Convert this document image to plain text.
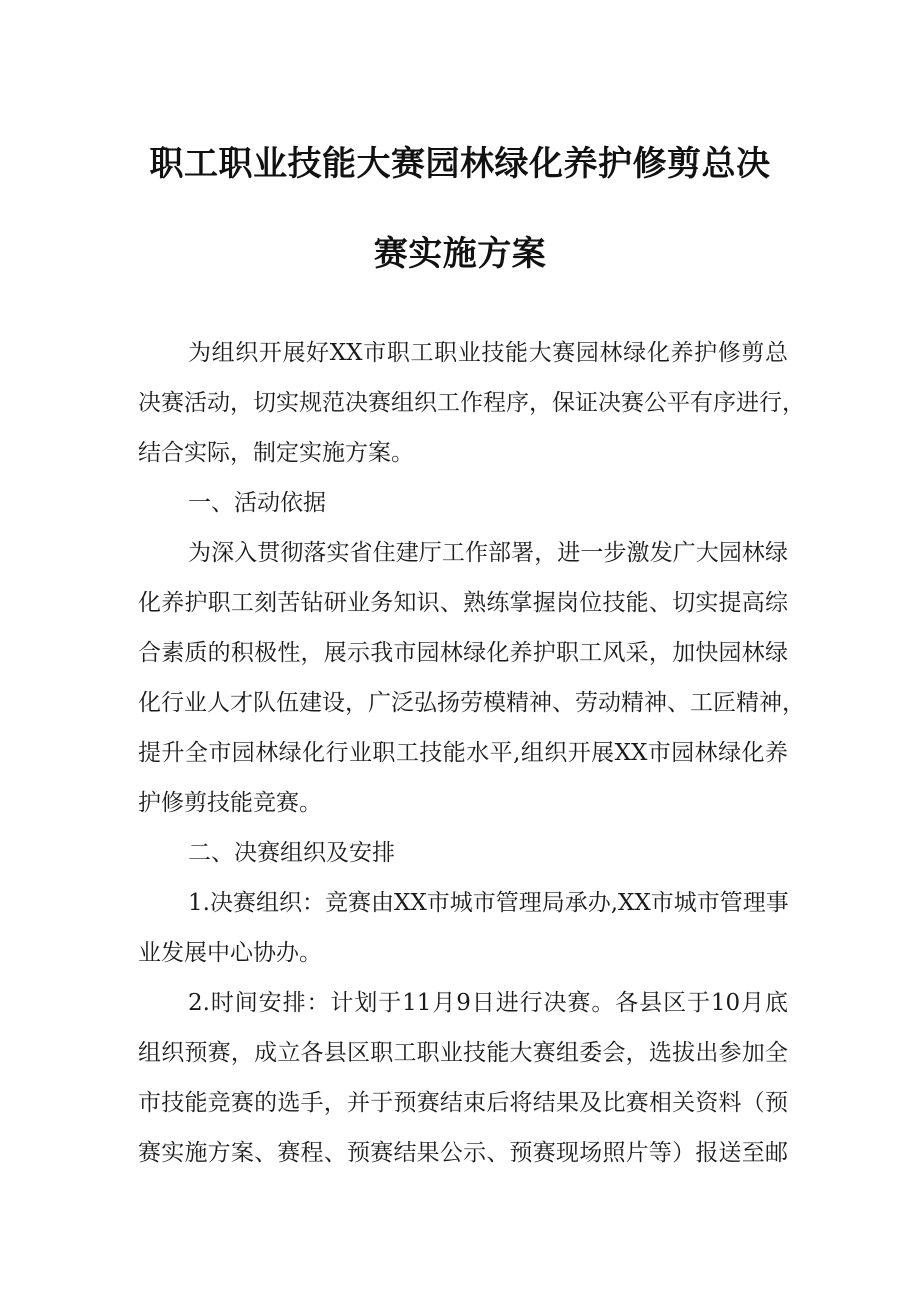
职工职业技能大赛园林绿化养护修剪总决
赛实施方案
为组织开展好XX市职工职业技能大赛园林绿化养护修剪总
决赛活动，切实规范决赛组织工作程序，保证决赛公平有序进行，
结合实际，制定实施方案。
一、活动依据
为深入贯彻落实省住建厅工作部署，进一步激发广大园林绿
化养护职工刻苦钻研业务知识、熟练掌握岗位技能、切实提高综
合素质的积极性，展示我市园林绿化养护职工风采，加快园林绿
化行业人才队伍建设，广泛弘扬劳模精神、劳动精神、工匠精神，
提升全市园林绿化行业职工技能水平,组织开展XX市园林绿化养
护修剪技能竞赛。
二、决赛组织及安排
1.决赛组织：竞赛由XX市城市管理局承办,XX市城市管理事
业发展中心协办。
2.时间安排：计划于11月9日进行决赛。各县区于10月底
组织预赛，成立各县区职工职业技能大赛组委会，选拔出参加全
市技能竞赛的选手，并于预赛结束后将结果及比赛相关资料（预
赛实施方案、赛程、预赛结果公示、预赛现场照片等）报送至邮
